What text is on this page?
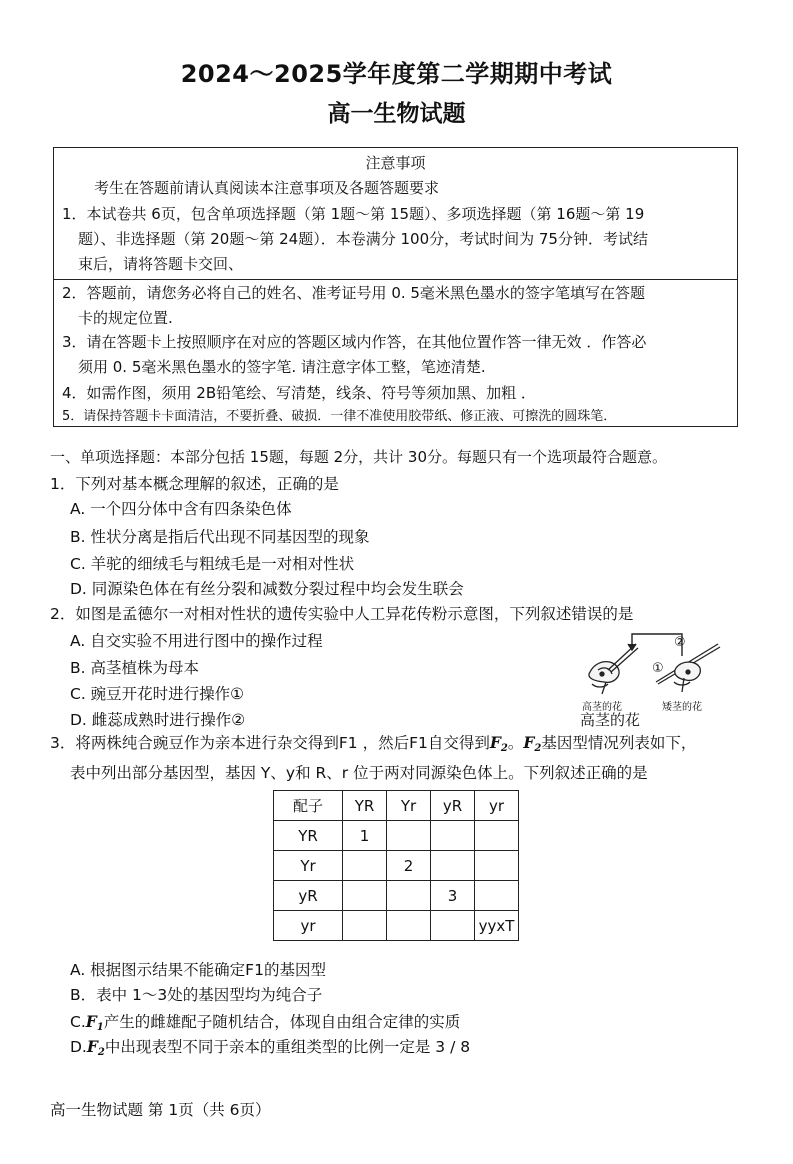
2024～2025学年度第二学期期中考试
高一生物试题
注意事项
考生在答题前请认真阅读本注意事项及各题答题要求
1．本试卷共 6页，包含单项选择题（第 1题～第 15题）、多项选择题（第 16题～第 19
题）、非选择题（第 20题～第 24题）．本卷满分 100分，考试时间为 75分钟．考试结
束后，请将答题卡交回、
2．答题前，请您务必将自己的姓名、准考证号用 0. 5毫米黑色墨水的签字笔填写在答题
卡的规定位置.
3．请在答题卡上按照顺序在对应的答题区域内作答，在其他位置作答一律无效 ．作答必
须用 0. 5毫米黑色墨水的签字笔. 请注意字体工整，笔迹清楚.
4．如需作图，须用 2B铅笔绘、写清楚，线条、符号等须加黑、加粗 ．
5．请保持答题卡卡面清洁，不要折叠、破损．一律不准使用胶带纸、修正液、可擦洗的圆珠笔．
一、单项选择题：本部分包括 15题，每题 2分，共计 30分。每题只有一个选项最符合题意。
1．下列对基本概念理解的叙述，正确的是
A. 一个四分体中含有四条染色体
B. 性状分离是指后代出现不同基因型的现象
C. 羊驼的细绒毛与粗绒毛是一对相对性状
D. 同源染色体在有丝分裂和减数分裂过程中均会发生联会
2．如图是孟德尔一对相对性状的遗传实验中人工异花传粉示意图，下列叙述错误的是
A. 自交实验不用进行图中的操作过程
B. 高茎植株为母本
C. 豌豆开花时进行操作①
D. 雌蕊成熟时进行操作②
①
②
高茎的花	矮茎的花
高茎的花
3．将两株纯合豌豆作为亲本进行杂交得到F1 ，然后F1自交得到$F_2$。$F_2$基因型情况列表如下，
表中列出部分基因型，基因 Y、y和 R、r 位于两对同源染色体上。下列叙述正确的是
配子	YR	Yr	yR	yr
YR	1			
Yr		2		
yR			3	
yr				yyxT
A. 根据图示结果不能确定F1的基因型
B．表中 1～3处的基因型均为纯合子
$C.F_1$产生的雌雄配子随机结合，体现自由组合定律的实质
$D.F_2$中出现表型不同于亲本的重组类型的比例一定是 3 / 8
高一生物试题 第 1页（共 6页）
